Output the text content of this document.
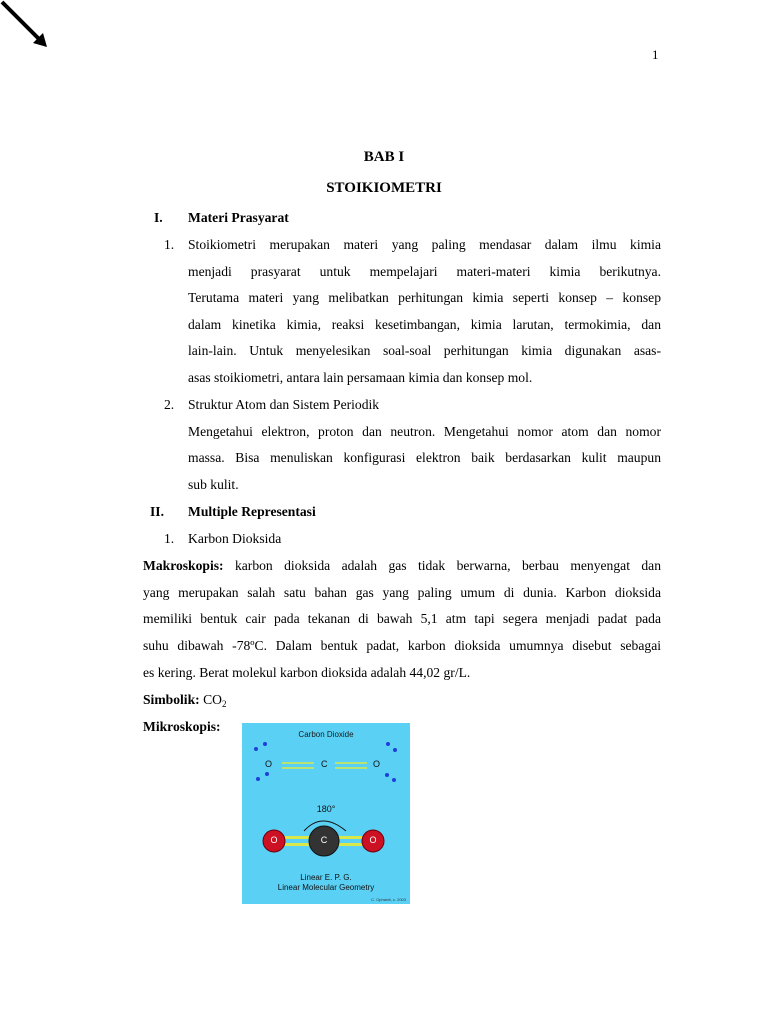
1
BAB I
STOIKIOMETRI
I. Materi Prasyarat
1. Stoikiometri merupakan materi yang paling mendasar dalam ilmu kimia
menjadi prasyarat untuk mempelajari materi-materi kimia berikutnya.
Terutama materi yang melibatkan perhitungan kimia seperti konsep – konsep
dalam kinetika kimia, reaksi kesetimbangan, kimia larutan, termokimia, dan
lain-lain. Untuk menyelesikan soal-soal perhitungan kimia digunakan asas-
asas stoikiometri, antara lain persamaan kimia dan konsep mol.
2. Struktur Atom dan Sistem Periodik
Mengetahui elektron, proton dan neutron. Mengetahui nomor atom dan nomor
massa. Bisa menuliskan konfigurasi elektron baik berdasarkan kulit maupun
sub kulit.
II. Multiple Representasi
1. Karbon Dioksida
Makroskopis: karbon dioksida adalah gas tidak berwarna, berbau menyengat dan
yang merupakan salah satu bahan gas yang paling umum di dunia. Karbon dioksida
memiliki bentuk cair pada tekanan di bawah 5,1 atm tapi segera menjadi padat pada
suhu dibawah -78ºC. Dalam bentuk padat, karbon dioksida umumnya disebut sebagai
es kering. Berat molekul karbon dioksida adalah 44,02 gr/L.
Simbolik: $CO_2$
Mikroskopis:
Carbon Dioxide
O	C	O
180°
O	C	O
Linear E. P. G.
Linear Molecular Geometry
C. Ophardt, c. 2003
